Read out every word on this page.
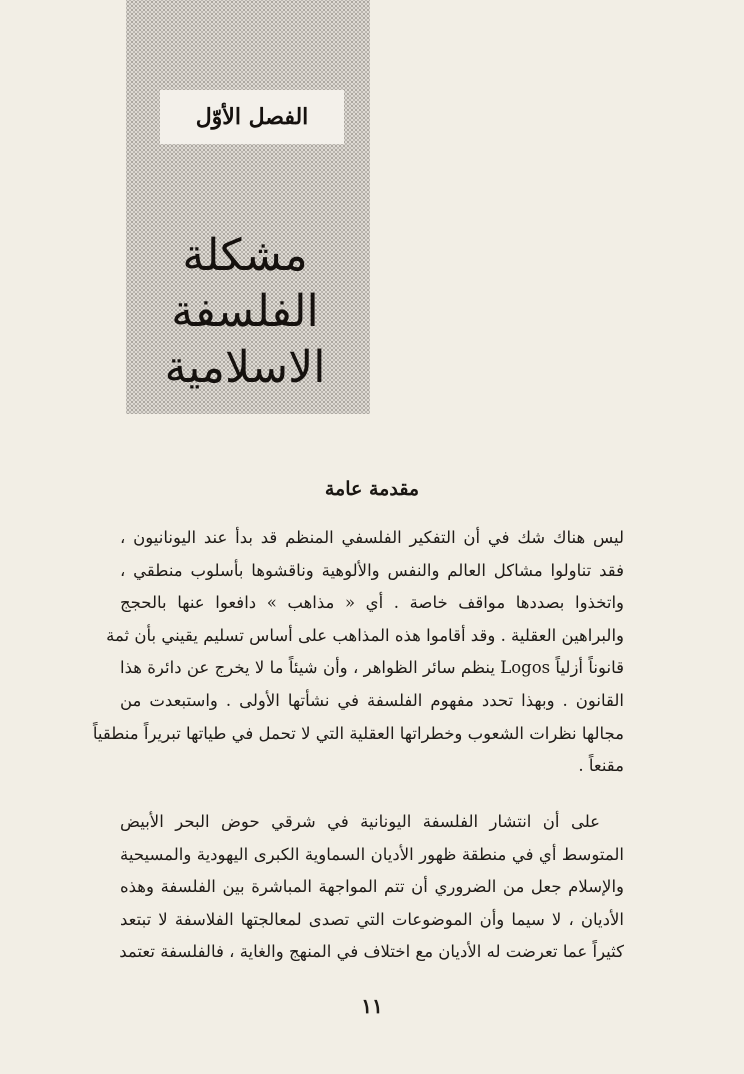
الفصل الأوّل
مشكلة
الفلسفة
الاسلامية
مقدمة عامة
ليس هناك شك في أن التفكير الفلسفي المنظم قد بدأ عند اليونانيون ،
فقد تناولوا مشاكل العالم والنفس والألوهية وناقشوها بأسلوب منطقي ،
واتخذوا بصددها مواقف خاصة . أي « مذاهب » دافعوا عنها بالحجج
والبراهين العقلية . وقد أقاموا هذه المذاهب على أساس تسليم يقيني بأن ثمة
قانوناً أزلياً Logos ينظم سائر الظواهر ، وأن شيئاً ما لا يخرج عن دائرة هذا
القانون . وبهذا تحدد مفهوم الفلسفة في نشأتها الأولى . واستبعدت من
مجالها نظرات الشعوب وخطراتها العقلية التي لا تحمل في طياتها تبريراً منطقياً
مقنعاً .
على أن انتشار الفلسفة اليونانية في شرقي حوض البحر الأبيض
المتوسط أي في منطقة ظهور الأديان السماوية الكبرى اليهودية والمسيحية
والإسلام جعل من الضروري أن تتم المواجهة المباشرة بين الفلسفة وهذه
الأديان ، لا سيما وأن الموضوعات التي تصدى لمعالجتها الفلاسفة لا تبتعد
كثيراً عما تعرضت له الأديان مع اختلاف في المنهج والغاية ، فالفلسفة تعتمد
١١
